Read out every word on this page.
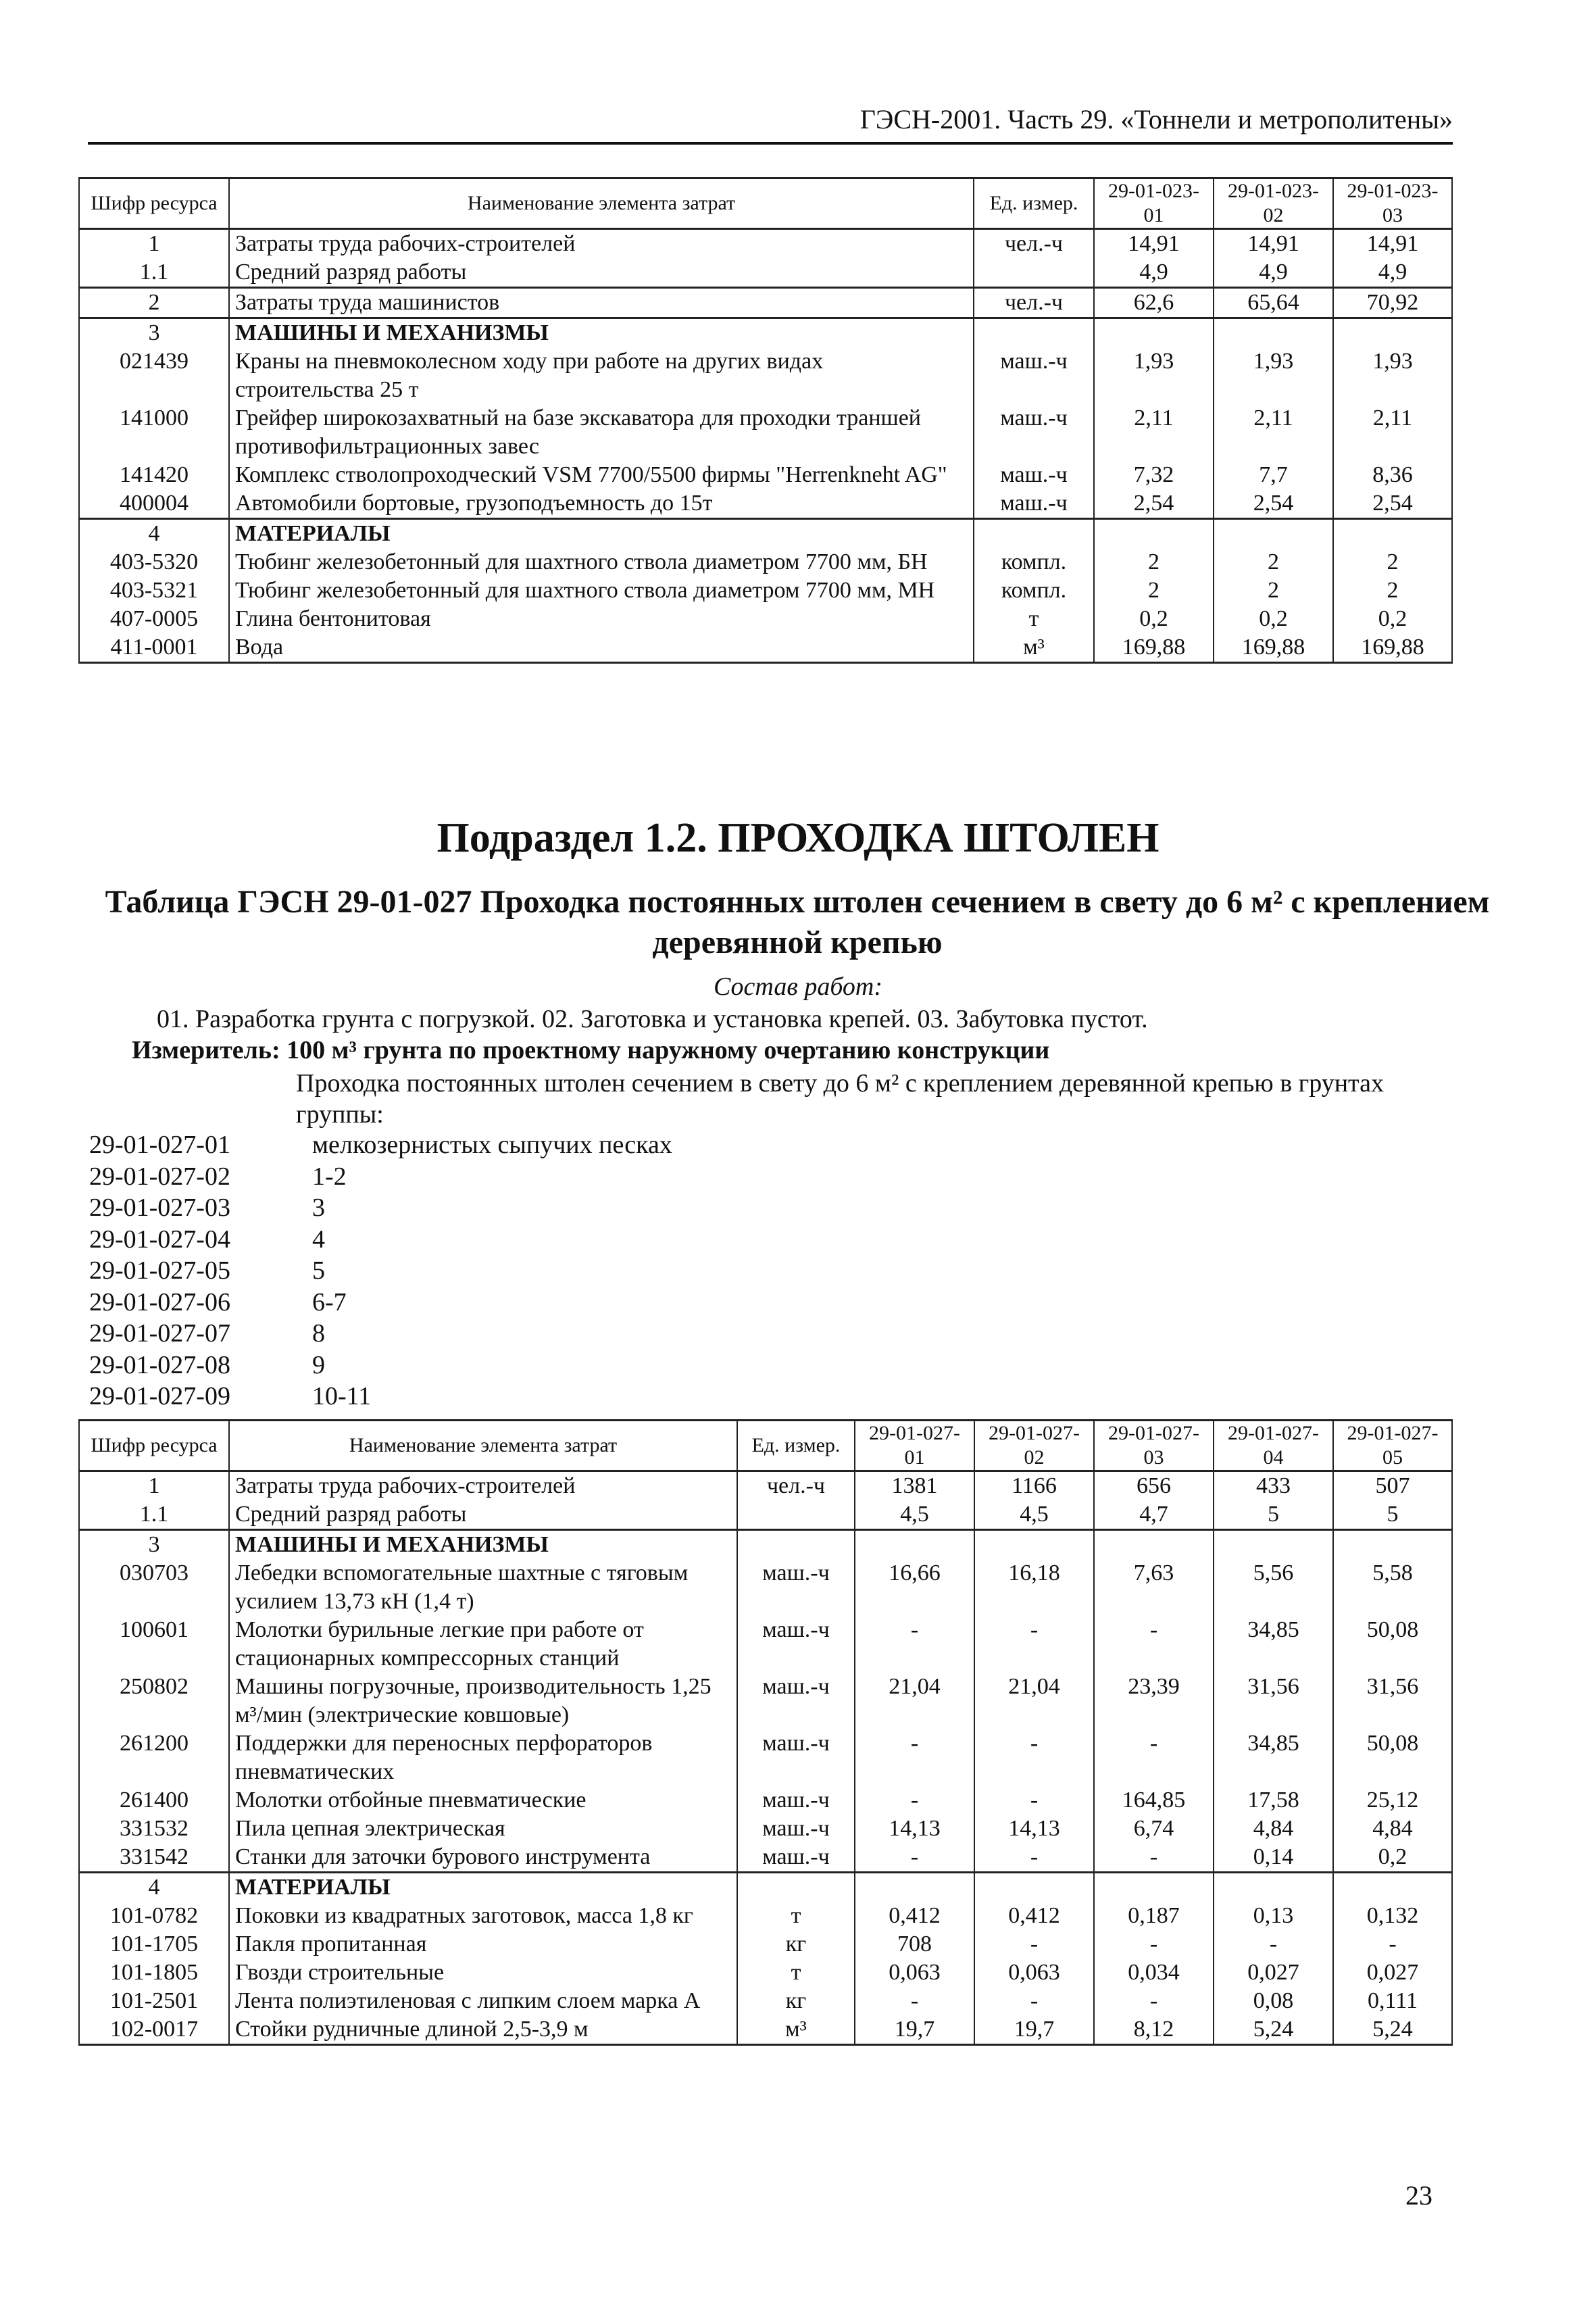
ГЭСН-2001. Часть 29. «Тоннели и метрополитены»
Шифр ресурса	Наименование элемента затрат	Ед. измер.	29-01-023-01	29-01-023-02	29-01-023-03
1	Затраты труда рабочих-строителей	чел.-ч	14,91	14,91	14,91
1.1	Средний разряд работы		4,9	4,9	4,9
2	Затраты труда машинистов	чел.-ч	62,6	65,64	70,92
3	МАШИНЫ И МЕХАНИЗМЫ				
021439	Краны на пневмоколесном ходу при работе на других видах строительства 25 т	маш.-ч	1,93	1,93	1,93
141000	Грейфер широкозахватный на базе экскаватора для проходки траншей противофильтрационных завес	маш.-ч	2,11	2,11	2,11
141420	Комплекс стволопроходческий VSM 7700/5500 фирмы "Herrenkneht AG"	маш.-ч	7,32	7,7	8,36
400004	Автомобили бортовые, грузоподъемность до 15т	маш.-ч	2,54	2,54	2,54
4	МАТЕРИАЛЫ				
403-5320	Тюбинг железобетонный для шахтного ствола диаметром 7700 мм, БН	компл.	2	2	2
403-5321	Тюбинг железобетонный для шахтного ствола диаметром 7700 мм, МН	компл.	2	2	2
407-0005	Глина бентонитовая	т	0,2	0,2	0,2
411-0001	Вода	м³	169,88	169,88	169,88
Подраздел 1.2. ПРОХОДКА ШТОЛЕН
Таблица ГЭСН 29-01-027 Проходка постоянных штолен сечением в свету до 6 м² с креплением деревянной крепью
Состав работ:
01. Разработка грунта с погрузкой. 02. Заготовка и установка крепей. 03. Забутовка пустот.
Измеритель: 100 м³ грунта по проектному наружному очертанию конструкции
Проходка постоянных штолен сечением в свету до 6 м² с креплением деревянной крепью в грунтах группы:
29-01-027-01	мелкозернистых сыпучих песках
29-01-027-02	1-2
29-01-027-03	3
29-01-027-04	4
29-01-027-05	5
29-01-027-06	6-7
29-01-027-07	8
29-01-027-08	9
29-01-027-09	10-11
Шифр ресурса	Наименование элемента затрат	Ед. измер.	29-01-027-01	29-01-027-02	29-01-027-03	29-01-027-04	29-01-027-05
1	Затраты труда рабочих-строителей	чел.-ч	1381	1166	656	433	507
1.1	Средний разряд работы		4,5	4,5	4,7	5	5
3	МАШИНЫ И МЕХАНИЗМЫ						
030703	Лебедки вспомогательные шахтные с тяговым усилием 13,73 кН (1,4 т)	маш.-ч	16,66	16,18	7,63	5,56	5,58
100601	Молотки бурильные легкие при работе от стационарных компрессорных станций	маш.-ч	-	-	-	34,85	50,08
250802	Машины погрузочные, производительность 1,25 м³/мин (электрические ковшовые)	маш.-ч	21,04	21,04	23,39	31,56	31,56
261200	Поддержки для переносных перфораторов пневматических	маш.-ч	-	-	-	34,85	50,08
261400	Молотки отбойные пневматические	маш.-ч	-	-	164,85	17,58	25,12
331532	Пила цепная электрическая	маш.-ч	14,13	14,13	6,74	4,84	4,84
331542	Станки для заточки бурового инструмента	маш.-ч	-	-	-	0,14	0,2
4	МАТЕРИАЛЫ						
101-0782	Поковки из квадратных заготовок, масса 1,8 кг	т	0,412	0,412	0,187	0,13	0,132
101-1705	Пакля пропитанная	кг	708	-	-	-	-
101-1805	Гвозди строительные	т	0,063	0,063	0,034	0,027	0,027
101-2501	Лента полиэтиленовая с липким слоем марка А	кг	-	-	-	0,08	0,111
102-0017	Стойки рудничные длиной 2,5-3,9 м	м³	19,7	19,7	8,12	5,24	5,24
23
